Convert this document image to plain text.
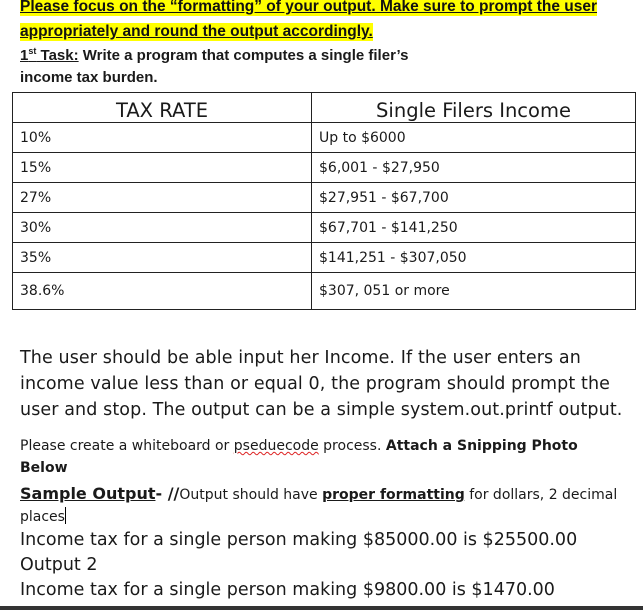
Please focus on the “formatting” of your output. Make sure to prompt the user
appropriately and round the output accordingly.
1st Task: Write a program that computes a single filer’s
income tax burden.
TAX RATE	Single Filers Income
10%	Up to $6000
15%	$6,001 - $27,950
27%	$27,951 - $67,700
30%	$67,701 - $141,250
35%	$141,251 - $307,050
38.6%	$307, 051 or more
The user should be able input her Income. If the user enters an income value less than or equal 0, the program should prompt the user and stop. The output can be a simple system.out.printf output.
Please create a whiteboard or pseduecode process. Attach a Snipping Photo
Below
Sample Output- //Output should have proper formatting for dollars, 2 decimal
places
Income tax for a single person making $85000.00 is $25500.00
Output 2
Income tax for a single person making $9800.00 is $1470.00
